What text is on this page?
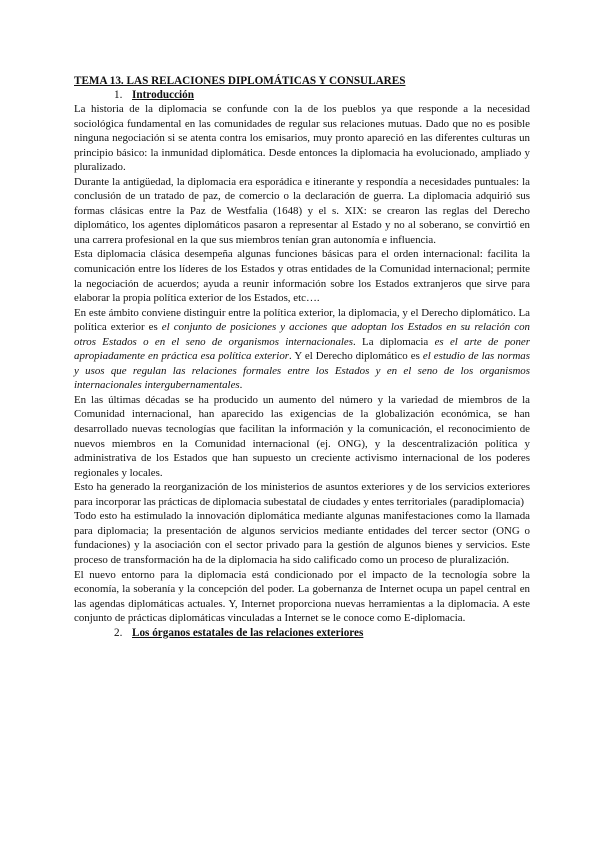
TEMA 13. LAS RELACIONES DIPLOMÁTICAS Y CONSULARES
1. Introducción

La historia de la diplomacia se confunde con la de los pueblos ya que responde a la necesidad sociológica fundamental en las comunidades de regular sus relaciones mutuas. Dado que no es posible ninguna negociación si se atenta contra los emisarios, muy pronto apareció en las diferentes culturas un principio básico: la inmunidad diplomática. Desde entonces la diplomacia ha evolucionado, ampliado y pluralizado.

Durante la antigüedad, la diplomacia era esporádica e itinerante y respondía a necesidades puntuales: la conclusión de un tratado de paz, de comercio o la declaración de guerra. La diplomacia adquirió sus formas clásicas entre la Paz de Westfalia (1648) y el s. XIX: se crearon las reglas del Derecho diplomático, los agentes diplomáticos pasaron a representar al Estado y no al soberano, se convirtió en una carrera profesional en la que sus miembros tenían gran autonomía e influencia.

Esta diplomacia clásica desempeña algunas funciones básicas para el orden internacional: facilita la comunicación entre los líderes de los Estados y otras entidades de la Comunidad internacional; permite la negociación de acuerdos; ayuda a reunir información sobre los Estados extranjeros que sirve para elaborar la propia política exterior de los Estados, etc….

En este ámbito conviene distinguir entre la política exterior, la diplomacia, y el Derecho diplomático. La política exterior es el conjunto de posiciones y acciones que adoptan los Estados en su relación con otros Estados o en el seno de organismos internacionales. La diplomacia es el arte de poner apropiadamente en práctica esa política exterior. Y el Derecho diplomático es el estudio de las normas y usos que regulan las relaciones formales entre los Estados y en el seno de los organismos internacionales intergubernamentales.

En las últimas décadas se ha producido un aumento del número y la variedad de miembros de la Comunidad internacional, han aparecido las exigencias de la globalización económica, se han desarrollado nuevas tecnologías que facilitan la información y la comunicación, el reconocimiento de nuevos miembros en la Comunidad internacional (ej. ONG), y la descentralización política y administrativa de los Estados que han supuesto un creciente activismo internacional de los poderes regionales y locales.

Esto ha generado la reorganización de los ministerios de asuntos exteriores y de los servicios exteriores para incorporar las prácticas de diplomacia subestatal de ciudades y entes territoriales (paradiplomacia)

Todo esto ha estimulado la innovación diplomática mediante algunas manifestaciones como la llamada para diplomacia; la presentación de algunos servicios mediante entidades del tercer sector (ONG o fundaciones) y la asociación con el sector privado para la gestión de algunos bienes y servicios. Este proceso de transformación ha de la diplomacia ha sido calificado como un proceso de pluralización.

El nuevo entorno para la diplomacia está condicionado por el impacto de la tecnología sobre la economía, la soberanía y la concepción del poder. La gobernanza de Internet ocupa un papel central en las agendas diplomáticas actuales. Y, Internet proporciona nuevas herramientas a la diplomacia. A este conjunto de prácticas diplomáticas vinculadas a Internet se le conoce como E-diplomacia.

2. Los órganos estatales de las relaciones exteriores
